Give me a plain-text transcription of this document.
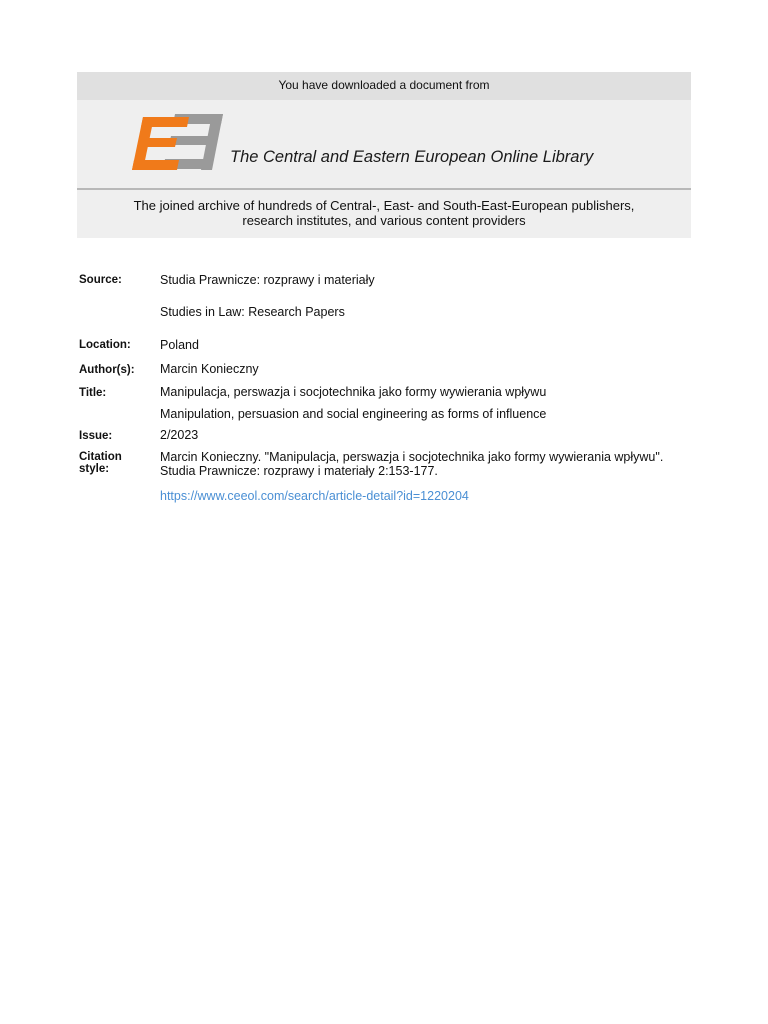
You have downloaded a document from
The Central and Eastern European Online Library
The joined archive of hundreds of Central-, East- and South-East-European publishers,
research institutes, and various content providers
Source:	Studia Prawnicze: rozprawy i materiały
Studies in Law: Research Papers
Location: Poland
Author(s): Marcin Konieczny
Title:	Manipulacja, perswazja i socjotechnika jako formy wywierania wpływu
Manipulation, persuasion and social engineering as forms of influence
Issue:	2/2023
Citation
style:
Marcin Konieczny. "Manipulacja, perswazja i socjotechnika jako formy wywierania wpływu".
Studia Prawnicze: rozprawy i materiały 2:153-177.
https://www.ceeol.com/search/article-detail?id=1220204
